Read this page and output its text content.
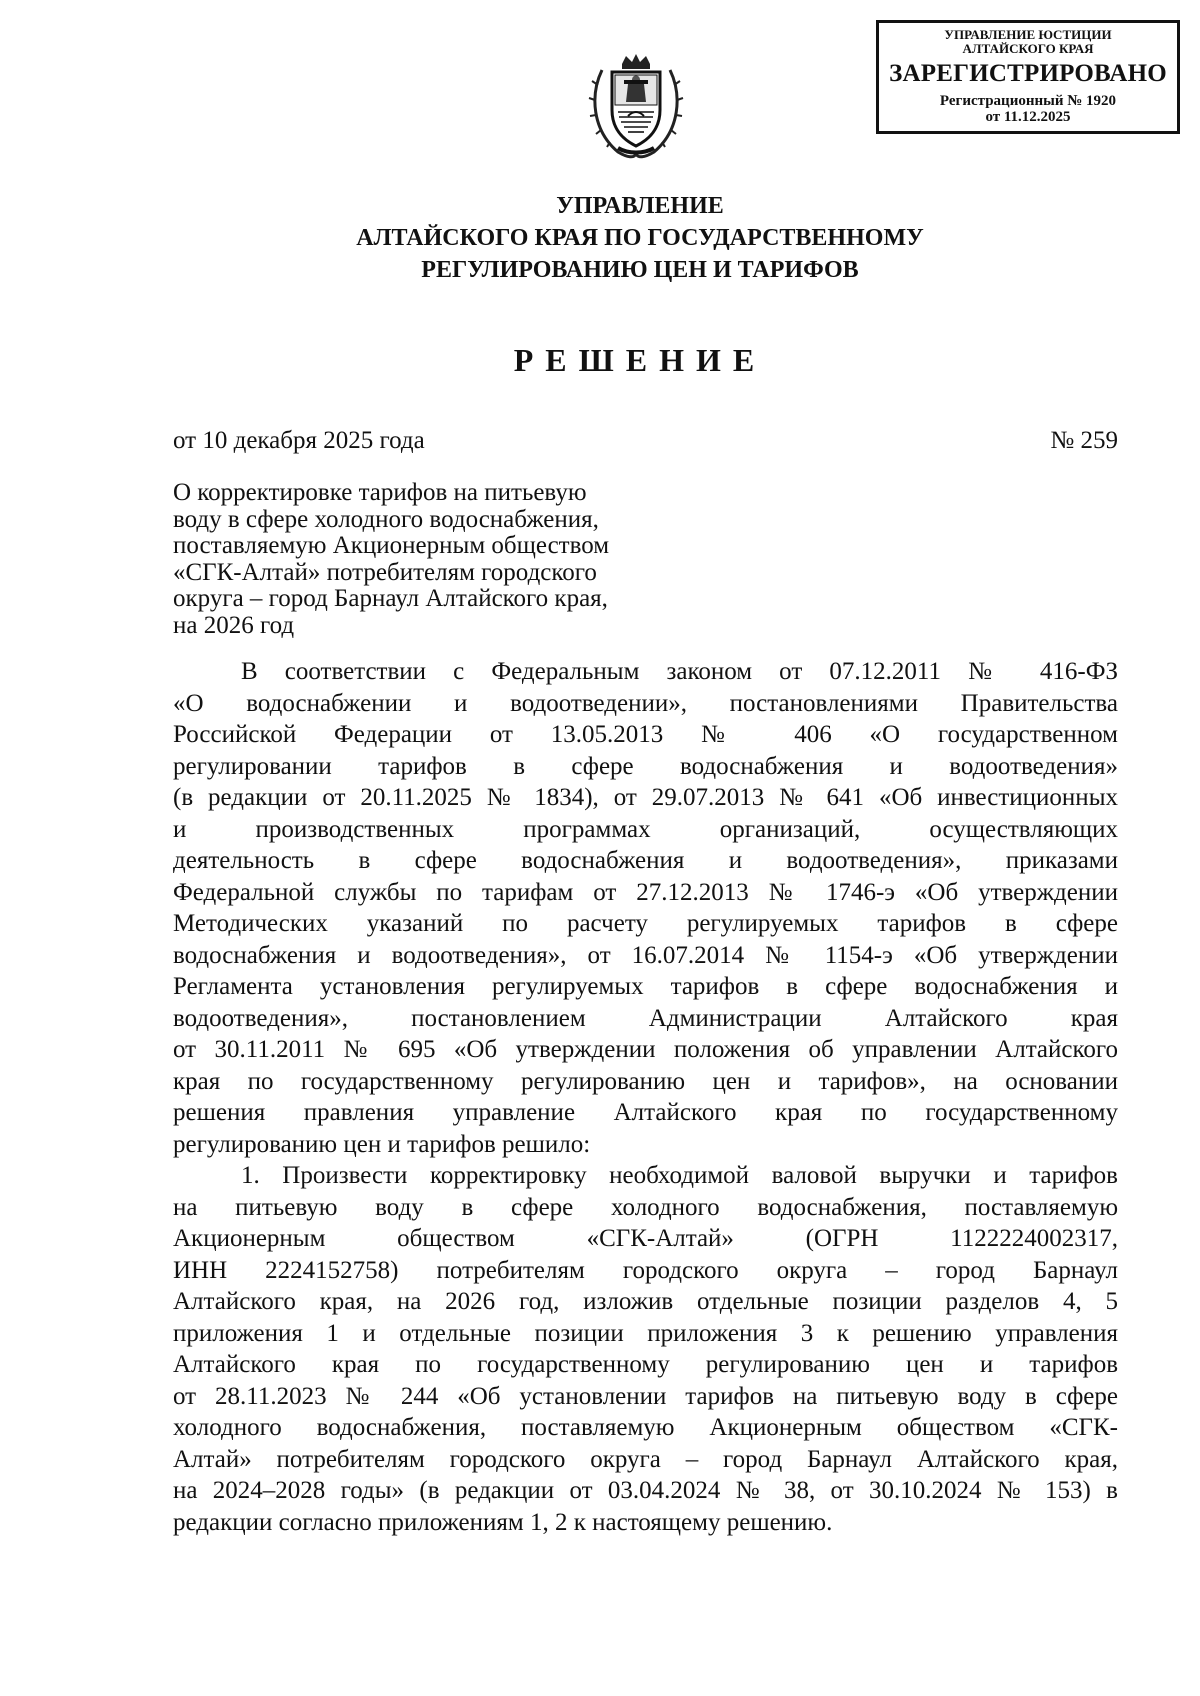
УПРАВЛЕНИЕ ЮСТИЦИИ
АЛТАЙСКОГО КРАЯ
ЗАРЕГИСТРИРОВАНО
Регистрационный № 1920
от 11.12.2025
УПРАВЛЕНИЕ
АЛТАЙСКОГО КРАЯ ПО ГОСУДАРСТВЕННОМУ
РЕГУЛИРОВАНИЮ ЦЕН И ТАРИФОВ
РЕШЕНИЕ
от 10 декабря 2025 года	№ 259
О корректировке тарифов на питьевую
воду в сфере холодного водоснабжения,
поставляемую Акционерным обществом
«СГК-Алтай» потребителям городского
округа – город Барнаул Алтайского края,
на 2026 год
В соответствии с Федеральным законом от 07.12.2011 № 416-ФЗ
«О водоснабжении и водоотведении», постановлениями Правительства
Российской Федерации от 13.05.2013 № 406 «О государственном
регулировании тарифов в сфере водоснабжения и водоотведения»
(в редакции от 20.11.2025 № 1834), от 29.07.2013 № 641 «Об инвестиционных
и производственных программах организаций, осуществляющих
деятельность в сфере водоснабжения и водоотведения», приказами
Федеральной службы по тарифам от 27.12.2013 № 1746-э «Об утверждении
Методических указаний по расчету регулируемых тарифов в сфере
водоснабжения и водоотведения», от 16.07.2014 № 1154-э «Об утверждении
Регламента установления регулируемых тарифов в сфере водоснабжения и
водоотведения», постановлением Администрации Алтайского края
от 30.11.2011 № 695 «Об утверждении положения об управлении Алтайского
края по государственному регулированию цен и тарифов», на основании
решения правления управление Алтайского края по государственному
регулированию цен и тарифов решило:
1. Произвести корректировку необходимой валовой выручки и тарифов
на питьевую воду в сфере холодного водоснабжения, поставляемую
Акционерным обществом «СГК-Алтай» (ОГРН 1122224002317,
ИНН 2224152758) потребителям городского округа – город Барнаул
Алтайского края, на 2026 год, изложив отдельные позиции разделов 4, 5
приложения 1 и отдельные позиции приложения 3 к решению управления
Алтайского края по государственному регулированию цен и тарифов
от 28.11.2023 № 244 «Об установлении тарифов на питьевую воду в сфере
холодного водоснабжения, поставляемую Акционерным обществом «СГК-
Алтай» потребителям городского округа – город Барнаул Алтайского края,
на 2024–2028 годы» (в редакции от 03.04.2024 № 38, от 30.10.2024 № 153) в
редакции согласно приложениям 1, 2 к настоящему решению.
